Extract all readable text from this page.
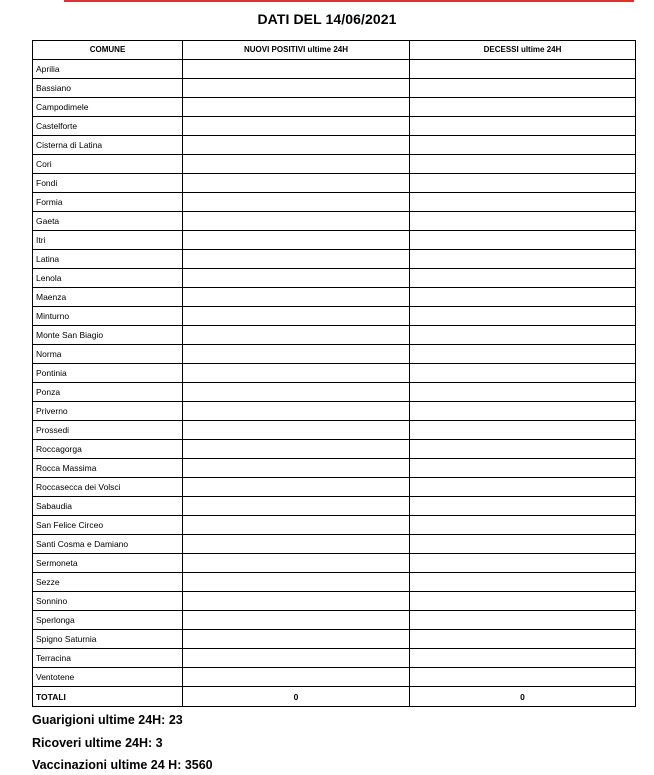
DATI DEL 14/06/2021
COMUNE	NUOVI POSITIVI ultime 24H	DECESSI ultime 24H
Aprilia		
Bassiano		
Campodimele		
Castelforte		
Cisterna di Latina		
Cori		
Fondi		
Formia		
Gaeta		
Itri		
Latina		
Lenola		
Maenza		
Minturno		
Monte San Biagio		
Norma		
Pontinia		
Ponza		
Priverno		
Prossedi		
Roccagorga		
Rocca Massima		
Roccasecca dei Volsci		
Sabaudia		
San Felice Circeo		
Santi Cosma e Damiano		
Sermoneta		
Sezze		
Sonnino		
Sperlonga		
Spigno Saturnia		
Terracina		
Ventotene		
TOTALI	0	0
Guarigioni ultime 24H: 23
Ricoveri ultime 24H: 3
Vaccinazioni ultime 24 H: 3560
